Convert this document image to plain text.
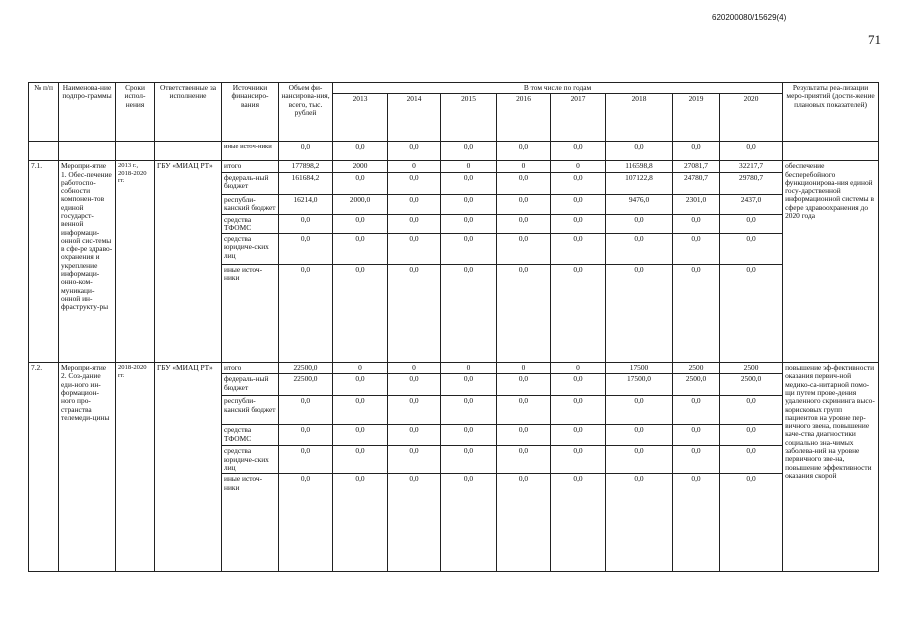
620200080/15629(4)
71
№ п/п	Наименова-ние подпро-граммы	Сроки испол-нения	Ответственные за исполнение	Источники финансиро-вания	Объем фи-нансирова-ния, всего, тыс. рублей	В том числе по годам								Результаты реа-лизации меро-приятий (дости-жение плановых показателей)
						2013	2014	2015	2016	2017	2018	2019	2020	
				иные источ-ники	0,0	0,0	0,0	0,0	0,0	0,0	0,0	0,0	0,0	
7.1.	Меропри-ятие 1. Обес-печение работоспо-собности компонен-тов единой государст-венной информаци-онной сис-темы в сфе-ре здраво-охранения и укрепление информаци-онно-ком-муникаци-онной ин-фраструкту-ры	2013 г., 2018-2020 гг.	ГБУ «МИАЦ РТ»	итого	177898,2	2000	0	0	0	0	116598,8	27081,7	32217,7	обеспечение бесперебойного функционирова-ния единой госу-дарственной информационной системы в сфере здравоохранения до 2020 года
				федераль-ный бюджет	161684,2	0,0	0,0	0,0	0,0	0,0	107122,8	24780,7	29780,7	
				республи-канский бюджет	16214,0	2000,0	0,0	0,0	0,0	0,0	9476,0	2301,0	2437,0	
				средства ТФОМС	0,0	0,0	0,0	0,0	0,0	0,0	0,0	0,0	0,0	
				средства юридиче-ских лиц	0,0	0,0	0,0	0,0	0,0	0,0	0,0	0,0	0,0	
				иные источ-ники	0,0	0,0	0,0	0,0	0,0	0,0	0,0	0,0	0,0	
7.2.	Меропри-ятие 2. Соз-дание еди-ного ин-формацион-ного про-странства телемеди-цины	2018-2020 гг.	ГБУ «МИАЦ РТ»	итого	22500,0	0	0	0	0	0	17500	2500	2500	повышение эф-фективности оказания первич-ной медико-са-нитарной помо-щи путем прове-дения удаленного скрининга высо-корисковых групп пациентов на уровне пер-вичного звена, повышение каче-ства диагностики социально зна-чимых заболева-ний на уровне первичного зве-на, повышение эффективности оказания скорой
				федераль-ный бюджет	22500,0	0,0	0,0	0,0	0,0	0,0	17500,0	2500,0	2500,0	
				республи-канский бюджет	0,0	0,0	0,0	0,0	0,0	0,0	0,0	0,0	0,0	
				средства ТФОМС	0,0	0,0	0,0	0,0	0,0	0,0	0,0	0,0	0,0	
				средства юридиче-ских лиц	0,0	0,0	0,0	0,0	0,0	0,0	0,0	0,0	0,0	
				иные источ-ники	0,0	0,0	0,0	0,0	0,0	0,0	0,0	0,0	0,0	
